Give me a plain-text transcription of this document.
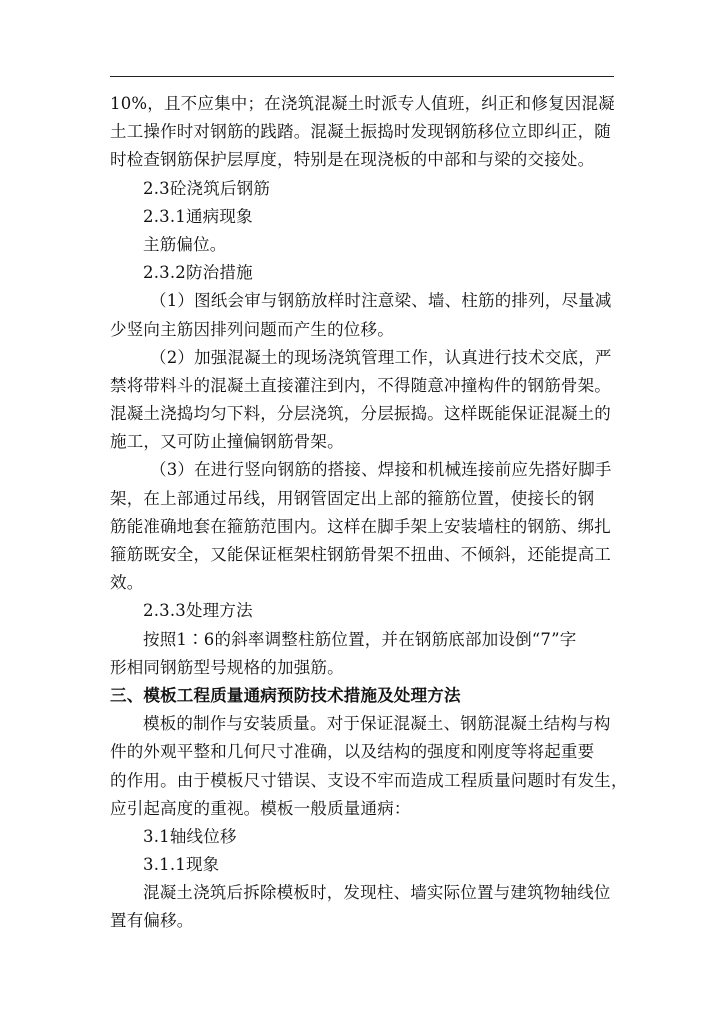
10%，且不应集中；在浇筑混凝土时派专人值班，纠正和修复因混凝
土工操作时对钢筋的践踏。混凝土振捣时发现钢筋移位立即纠正，随
时检查钢筋保护层厚度，特别是在现浇板的中部和与梁的交接处。
2.3砼浇筑后钢筋
2.3.1通病现象
主筋偏位。
2.3.2防治措施
（1）图纸会审与钢筋放样时注意梁、墙、柱筋的排列，尽量减
少竖向主筋因排列问题而产生的位移。
（2）加强混凝土的现场浇筑管理工作，认真进行技术交底，严
禁将带料斗的混凝土直接灌注到内，不得随意冲撞构件的钢筋骨架。
混凝土浇捣均匀下料，分层浇筑，分层振捣。这样既能保证混凝土的
施工，又可防止撞偏钢筋骨架。
（3）在进行竖向钢筋的搭接、焊接和机械连接前应先搭好脚手
架，在上部通过吊线，用钢管固定出上部的箍筋位置，使接长的钢
筋能准确地套在箍筋范围内。这样在脚手架上安装墙柱的钢筋、绑扎
箍筋既安全，又能保证框架柱钢筋骨架不扭曲、不倾斜，还能提高工
效。
2.3.3处理方法
按照1∶6的斜率调整柱筋位置，并在钢筋底部加设倒“7”字
形相同钢筋型号规格的加强筋。
三、模板工程质量通病预防技术措施及处理方法
模板的制作与安装质量。对于保证混凝土、钢筋混凝土结构与构
件的外观平整和几何尺寸准确，以及结构的强度和刚度等将起重要
的作用。由于模板尺寸错误、支设不牢而造成工程质量问题时有发生，
应引起高度的重视。模板一般质量通病：
3.1轴线位移
3.1.1现象
混凝土浇筑后拆除模板时，发现柱、墙实际位置与建筑物轴线位
置有偏移。
